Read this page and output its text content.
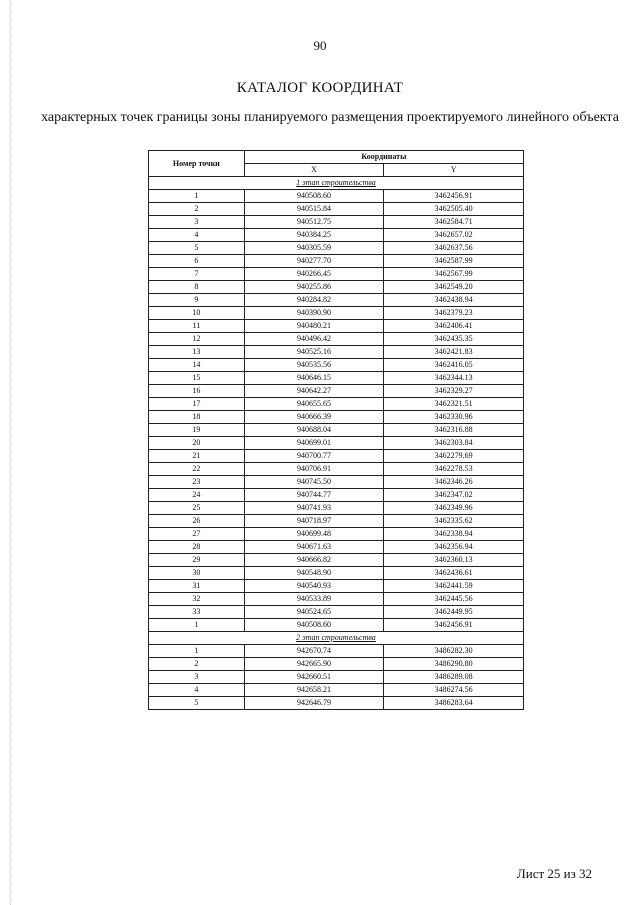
90
КАТАЛОГ КООРДИНАТ
характерных точек границы зоны планируемого размещения проектируемого линейного объекта
Номер точки	Координаты	
	X	Y
1 этап строительства		
1	940508.60	3462456.91
2	940515.84	3462505.40
3	940512.75	3462584.71
4	940384.25	3462657.02
5	940305.59	3462637.56
6	940277.70	3462587.99
7	940266.45	3462567.99
8	940255.86	3462549.20
9	940284.82	3462438.94
10	940390.90	3462379.23
11	940480.21	3462406.41
12	940496.42	3462435.35
13	940525.16	3462421.83
14	940535.56	3462416.05
15	940646.15	3462344.13
16	940642.27	3462329.27
17	940655.65	3462321.51
18	940666.39	3462330.96
19	940688.04	3462316.88
20	940699.01	3462303.84
21	940700.77	3462279.69
22	940706.91	3462278.53
23	940745.50	3462346.26
24	940744.77	3462347.02
25	940741.93	3462349.96
26	940718.97	3462335.62
27	940699.48	3462338.94
28	940671.63	3462356.94
29	940666.82	3462360.13
30	940548.90	3462436.61
31	940540.93	3462441.59
32	940533.89	3462445.56
33	940524.65	3462449.95
1	940508.60	3462456.91
2 этап строительства		
1	942670.74	3486282.30
2	942665.90	3486290.80
3	942660.51	3486289.08
4	942658.21	3486274.56
5	942646.79	3486283.64
Лист 25 из 32
